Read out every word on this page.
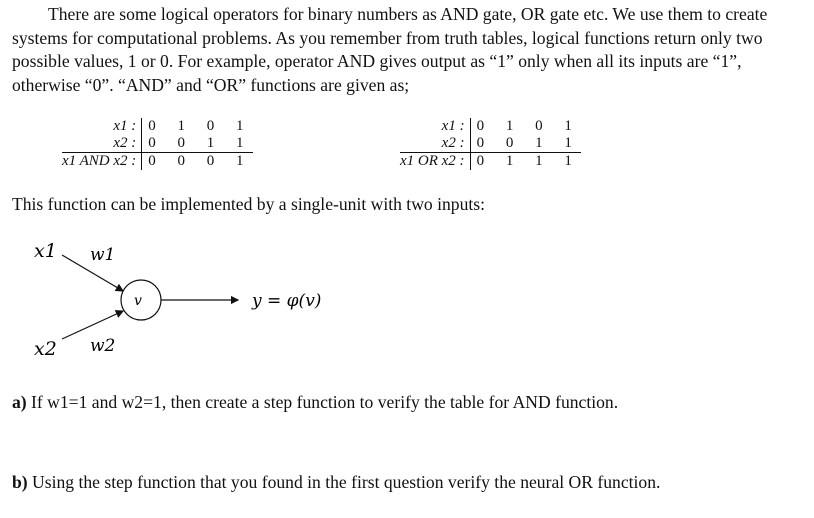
There are some logical operators for binary numbers as AND gate, OR gate etc. We use them to create systems for computational problems. As you remember from truth tables, logical functions return only two possible values, 1 or 0. For example, operator AND gives output as “1” only when all its inputs are “1”, otherwise “0”. “AND” and “OR” functions are given as;
x1 :	0 1 0 1
x2 :	0 0 1 1
x1 AND x2 :	0 0 0 1
x1 :	0 1 0 1
x2 :	0 0 1 1
x1 OR x2 :	0 1 1 1
This function can be implemented by a single-unit with two inputs:
x1 w1
v	y = φ(v)
x2 w2
a) If w1=1 and w2=1, then create a step function to verify the table for AND function.
b) Using the step function that you found in the first question verify the neural OR function.
